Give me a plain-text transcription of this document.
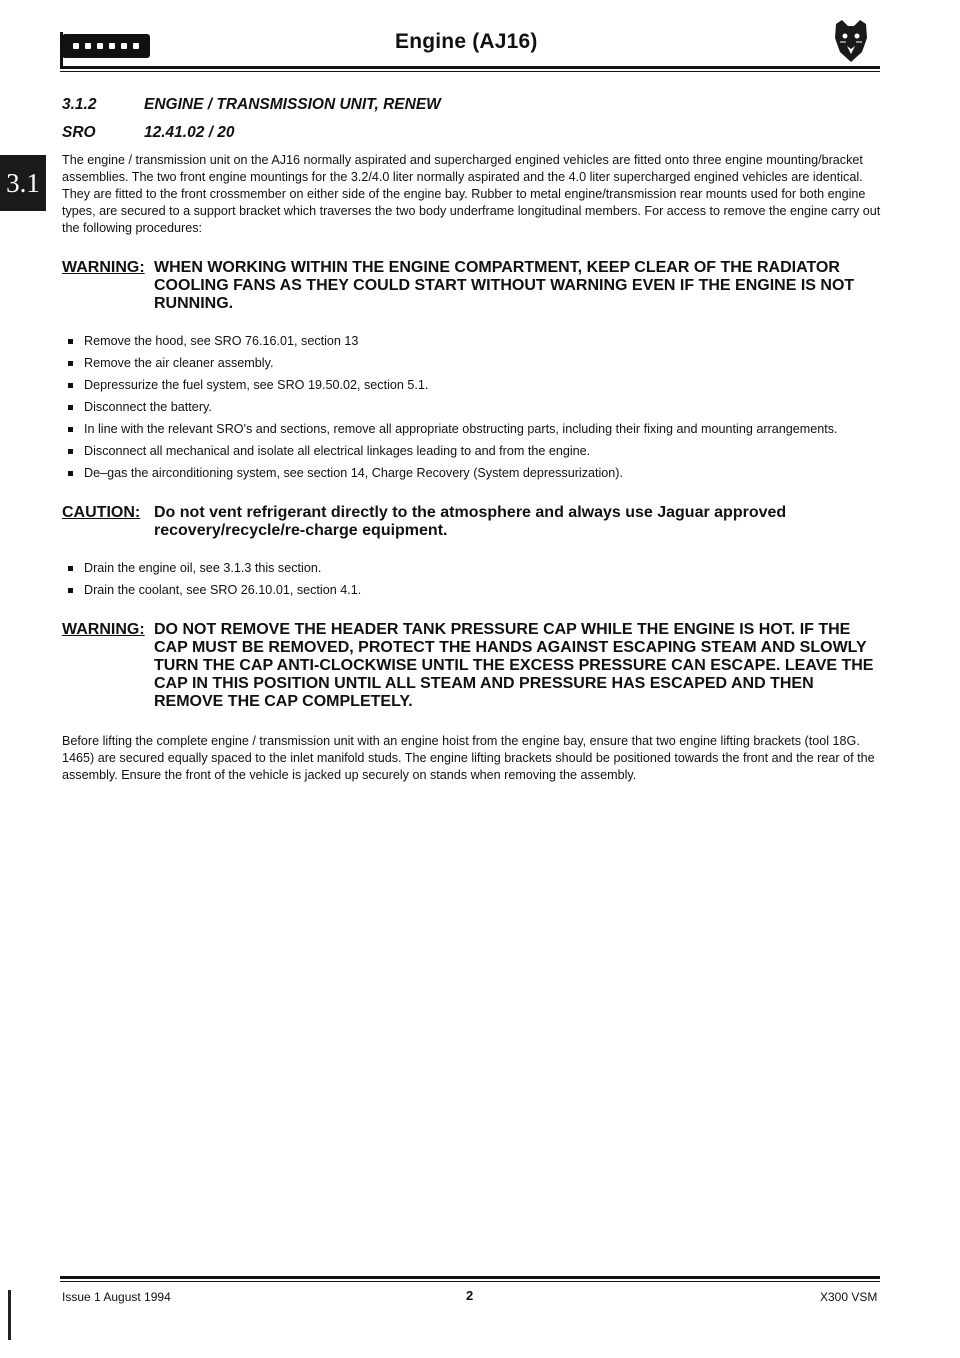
Engine (AJ16)
3.1
3.1.2	ENGINE / TRANSMISSION UNIT, RENEW
SRO	12.41.02 / 20

The engine / transmission unit on the AJ16 normally aspirated and supercharged engined vehicles are fitted onto three engine mounting/bracket assemblies. The two front engine mountings for the 3.2/4.0 liter normally aspirated and the 4.0 liter supercharged engined vehicles are identical. They are fitted to the front crossmember on either side of the engine bay. Rubber to metal engine/transmission rear mounts used for both engine types, are secured to a support bracket which traverses the two body underframe longitudinal members. For access to remove the engine carry out the following procedures:

WARNING: WHEN WORKING WITHIN THE ENGINE COMPARTMENT, KEEP CLEAR OF THE RADIATOR COOLING FANS AS THEY COULD START WITHOUT WARNING EVEN IF THE ENGINE IS NOT RUNNING.
Remove the hood, see SRO 76.16.01, section 13
Remove the air cleaner assembly.
Depressurize the fuel system, see SRO 19.50.02, section 5.1.
Disconnect the battery.
In line with the relevant SRO's and sections, remove all appropriate obstructing parts, including their fixing and mounting arrangements.
Disconnect all mechanical and isolate all electrical linkages leading to and from the engine.
De–gas the airconditioning system, see section 14, Charge Recovery (System depressurization).
CAUTION: Do not vent refrigerant directly to the atmosphere and always use Jaguar approved recovery/recycle/re-charge equipment.
Drain the engine oil, see 3.1.3 this section.
Drain the coolant, see SRO 26.10.01, section 4.1.
WARNING: DO NOT REMOVE THE HEADER TANK PRESSURE CAP WHILE THE ENGINE IS HOT. IF THE CAP MUST BE REMOVED, PROTECT THE HANDS AGAINST ESCAPING STEAM AND SLOWLY TURN THE CAP ANTI-CLOCKWISE UNTIL THE EXCESS PRESSURE CAN ESCAPE. LEAVE THE CAP IN THIS POSITION UNTIL ALL STEAM AND PRESSURE HAS ESCAPED AND THEN REMOVE THE CAP COMPLETELY.

Before lifting the complete engine / transmission unit with an engine hoist from the engine bay, ensure that two engine lifting brackets (tool 18G. 1465) are secured equally spaced to the inlet manifold studs. The engine lifting brackets should be positioned towards the front and the rear of the assembly. Ensure the front of the vehicle is jacked up securely on stands when removing the assembly.

Issue 1 August 1994	2	X300 VSM
